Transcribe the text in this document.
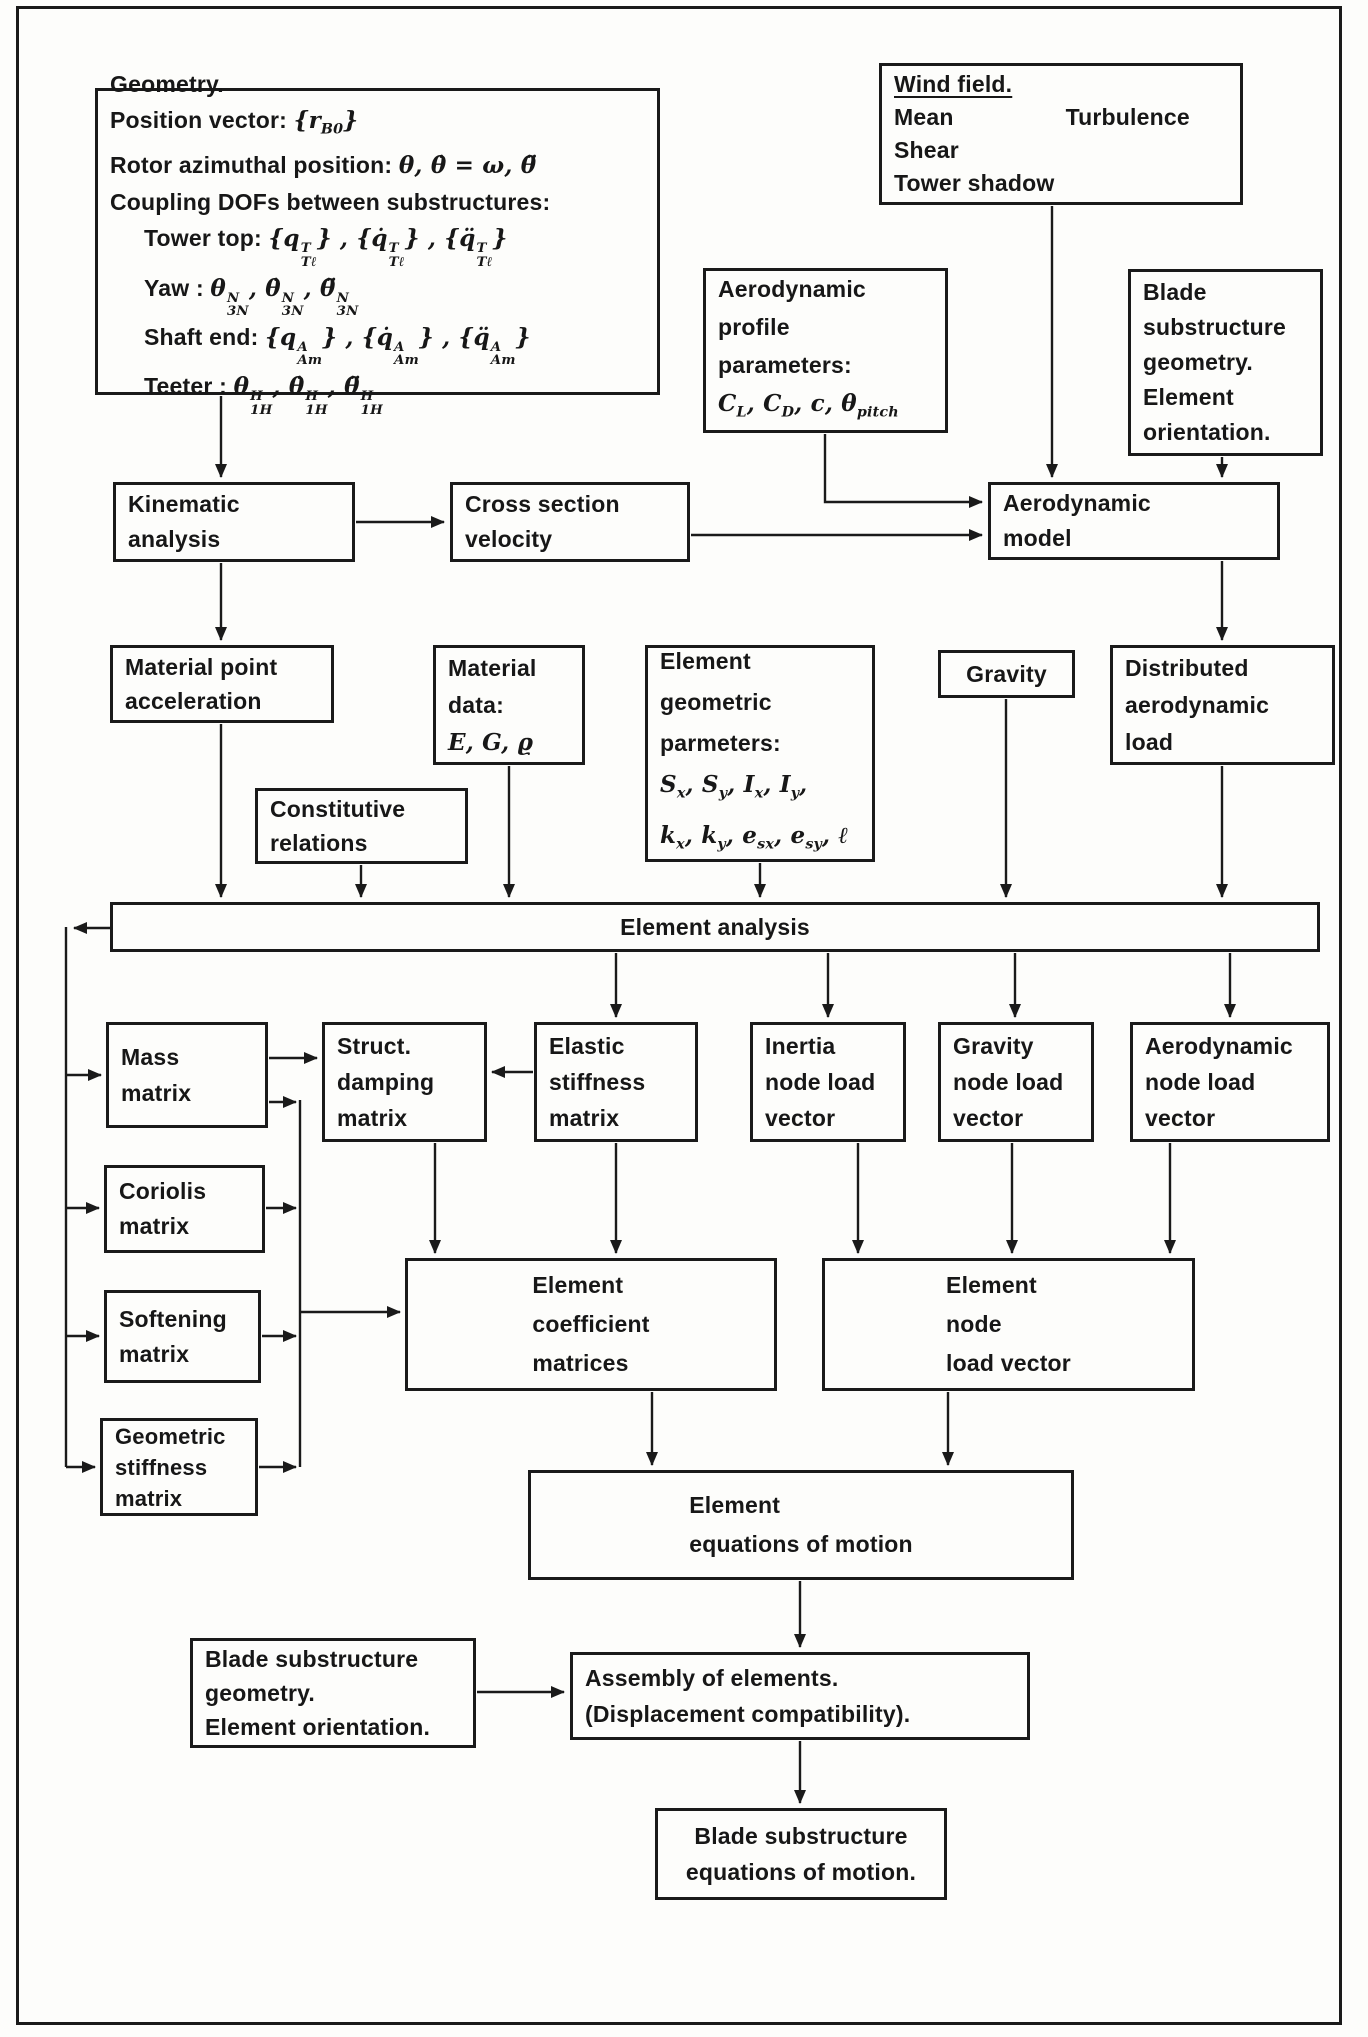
Geometry.
Position vector: $\{r_{B0}\}$
Rotor azimuthal position: θ, θ̇ = ω, θ̈
Coupling DOFs between substructures:
Tower top: {q T
Tℓ
} , {q̇ T
Tℓ
} , {q̈ T
Tℓ
}
Yaw : θ N
3N
, θ̇ N
3N
, θ̈ N
3N
Shaft end: {q A
Am
} , {q̇ A
Am
} , {q̈ A
Am
}
Teeter : θ H
1H
, θ̇ H
1H
, θ̈ H
1H
Wind field.
Mean	Turbulence
Shear
Tower shadow
Aerodynamic
profile
parameters:
$C_L$, $C_D$, c, $\theta_{pitch}$
Blade
substructure
geometry.
Element
orientation.
Kinematic
analysis
Cross section
velocity
Aerodynamic
model
Material point
acceleration
Material
data:
E, G, ϱ
Element
geometric
parmeters:
$S_x$, $S_y$, $I_x$, $I_y$,
$k_x$, $k_y$, $e_{sx}$, $e_{sy}$, ℓ
Gravity	Distributed
aerodynamic
load
Constitutive
relations
Element analysis
Mass
matrix
Struct.
damping
matrix
Elastic
stiffness
matrix
Inertia
node load
vector
Gravity
node load
vector
Aerodynamic
node load
vector
Coriolis
matrix
Softening
matrix
Element
coefficient
matrices
Element
node
load vector
Geometric
stiffness
matrix	Element
equations of motion
Blade substructure
geometry.
Element orientation.
Assembly of elements.
(Displacement compatibility).
Blade substructure
equations of motion.
